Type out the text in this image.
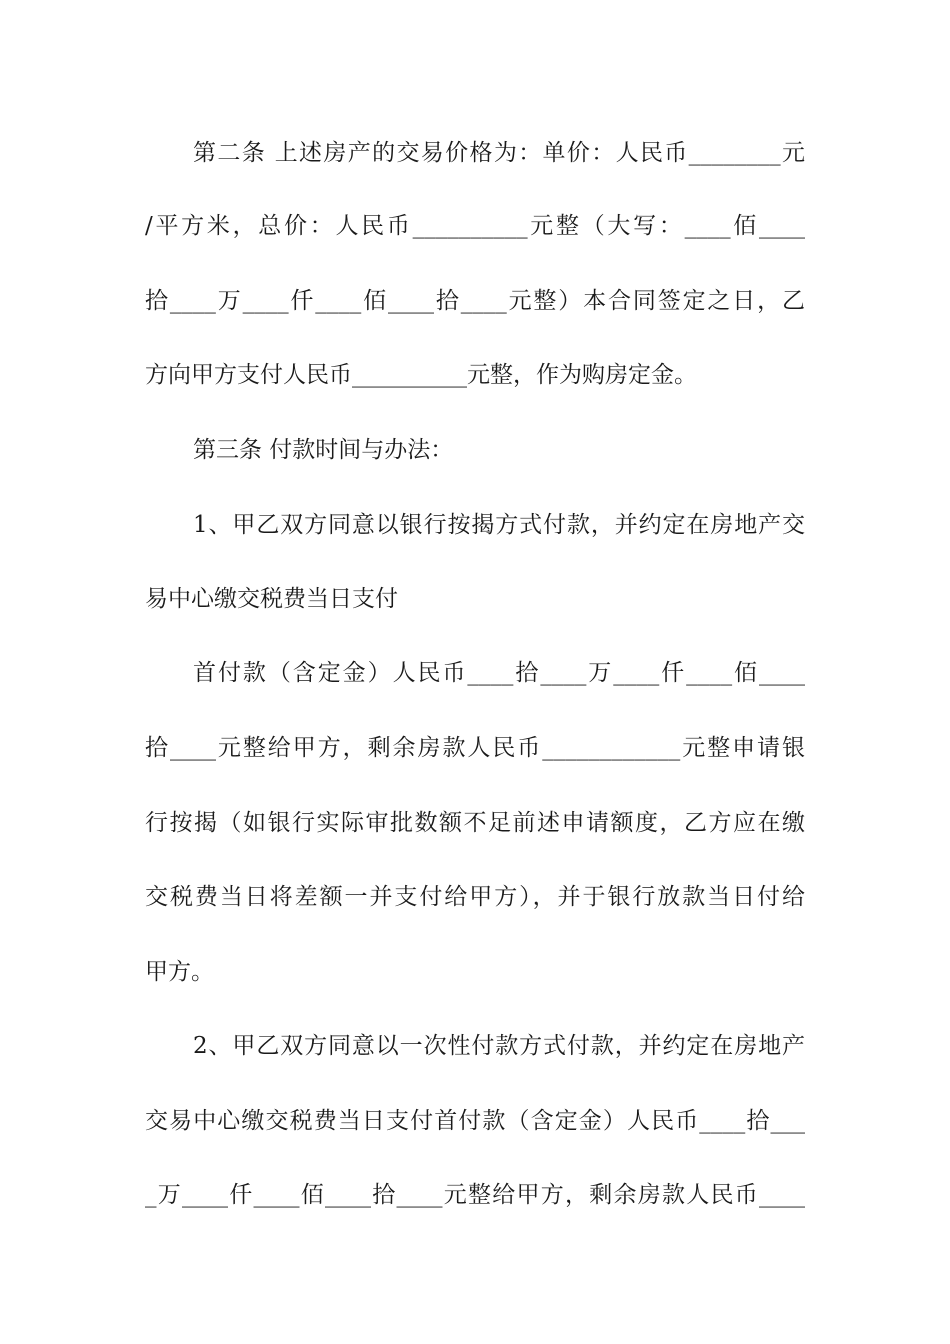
第二条 上述房产的交易价格为：单价：人民币________元
/平方米，总价：人民币__________元整（大写：____佰____
拾____万____仟____佰____拾____元整）本合同签定之日，乙
方向甲方支付人民币__________元整，作为购房定金。
第三条 付款时间与办法：
1、甲乙双方同意以银行按揭方式付款，并约定在房地产交
易中心缴交税费当日支付
首付款（含定金）人民币____拾____万____仟____佰____
拾____元整给甲方，剩余房款人民币____________元整申请银
行按揭（如银行实际审批数额不足前述申请额度，乙方应在缴
交税费当日将差额一并支付给甲方），并于银行放款当日付给
甲方。
2、甲乙双方同意以一次性付款方式付款，并约定在房地产
交易中心缴交税费当日支付首付款（含定金）人民币____拾___
_万____仟____佰____拾____元整给甲方，剩余房款人民币____
